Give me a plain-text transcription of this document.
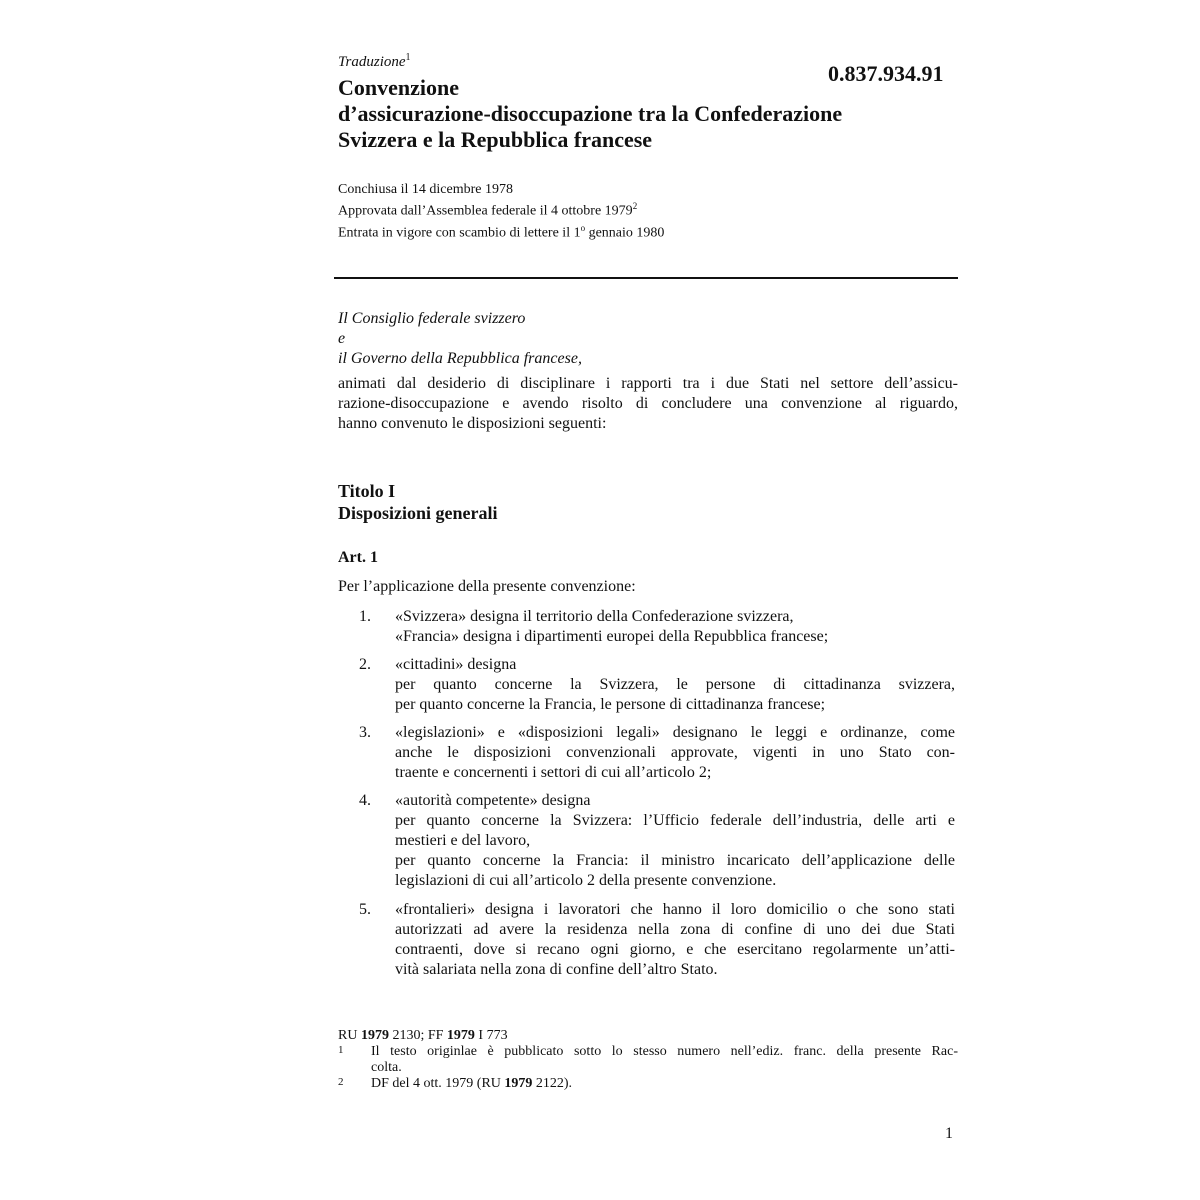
Traduzione$^1$
0.837.934.91
Convenzione
d’assicurazione-disoccupazione tra la Confederazione
Svizzera e la Repubblica francese
Conchiusa il 14 dicembre 1978
Approvata dall’Assemblea federale il 4 ottobre 1979$^2$
Entrata in vigore con scambio di lettere il 1$^o$ gennaio 1980
Il Consiglio federale svizzero
e
il Governo della Repubblica francese,
animati dal desiderio di disciplinare i rapporti tra i due Stati nel settore dell’assicu-
razione-disoccupazione e avendo risolto di concludere una convenzione al riguardo,
hanno convenuto le disposizioni seguenti:
Titolo I
Disposizioni generali
Art. 1
Per l’applicazione della presente convenzione:
1. «Svizzera» designa il territorio della Confederazione svizzera,
«Francia» designa i dipartimenti europei della Repubblica francese;
2. «cittadini» designa
per quanto concerne la Svizzera, le persone di cittadinanza svizzera,
per quanto concerne la Francia, le persone di cittadinanza francese;
3. «legislazioni» e «disposizioni legali» designano le leggi e ordinanze, come
anche le disposizioni convenzionali approvate, vigenti in uno Stato con-
traente e concernenti i settori di cui all’articolo 2;
4. «autorità competente» designa
per quanto concerne la Svizzera: l’Ufficio federale dell’industria, delle arti e
mestieri e del lavoro,
per quanto concerne la Francia: il ministro incaricato dell’applicazione delle
legislazioni di cui all’articolo 2 della presente convenzione.
5. «frontalieri» designa i lavoratori che hanno il loro domicilio o che sono stati
autorizzati ad avere la residenza nella zona di confine di uno dei due Stati
contraenti, dove si recano ogni giorno, e che esercitano regolarmente un’atti-
vità salariata nella zona di confine dell’altro Stato.
RU 1979 2130; FF 1979 I 773
1 Il testo originlae è pubblicato sotto lo stesso numero nell’ediz. franc. della presente Rac-
colta.
2 DF del 4 ott. 1979 (RU 1979 2122).
1
